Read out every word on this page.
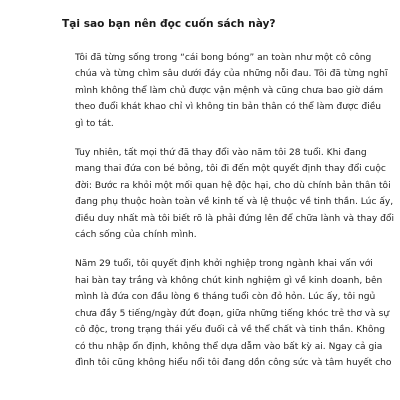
Tại sao bạn nên đọc cuốn sách này?

Tôi đã từng sống trong “cái bong bóng” an toàn như một cô công
chúa và từng chìm sâu dưới đáy của những nỗi đau. Tôi đã từng nghĩ
mình không thể làm chủ được vận mệnh và cũng chưa bao giờ dám
theo đuổi khát khao chỉ vì không tin bản thân có thể làm được điều
gì to tát.

Tuy nhiên, tất mọi thứ đã thay đổi vào năm tôi 28 tuổi. Khi đang
mang thai đứa con bé bỏng, tôi đi đến một quyết định thay đổi cuộc
đời: Bước ra khỏi một mối quan hệ độc hại, cho dù chính bản thân tôi
đang phụ thuộc hoàn toàn về kinh tế và lệ thuộc về tinh thần. Lúc ấy,
điều duy nhất mà tôi biết rõ là phải đứng lên để chữa lành và thay đổi
cách sống của chính mình.

Năm 29 tuổi, tôi quyết định khởi nghiệp trong ngành khai vấn với
hai bàn tay trắng và không chút kinh nghiệm gì về kinh doanh, bên
mình là đứa con đầu lòng 6 tháng tuổi còn đỏ hỏn. Lúc ấy, tôi ngủ
chưa đầy 5 tiếng/ngày đứt đoạn, giữa những tiếng khóc trẻ thơ và sự
cô độc, trong trạng thái yếu đuối cả về thể chất và tinh thần. Không
có thu nhập ổn định, không thể dựa dẫm vào bất kỳ ai. Ngay cả gia
đình tôi cũng không hiểu nổi tôi đang dồn công sức và tâm huyết cho
